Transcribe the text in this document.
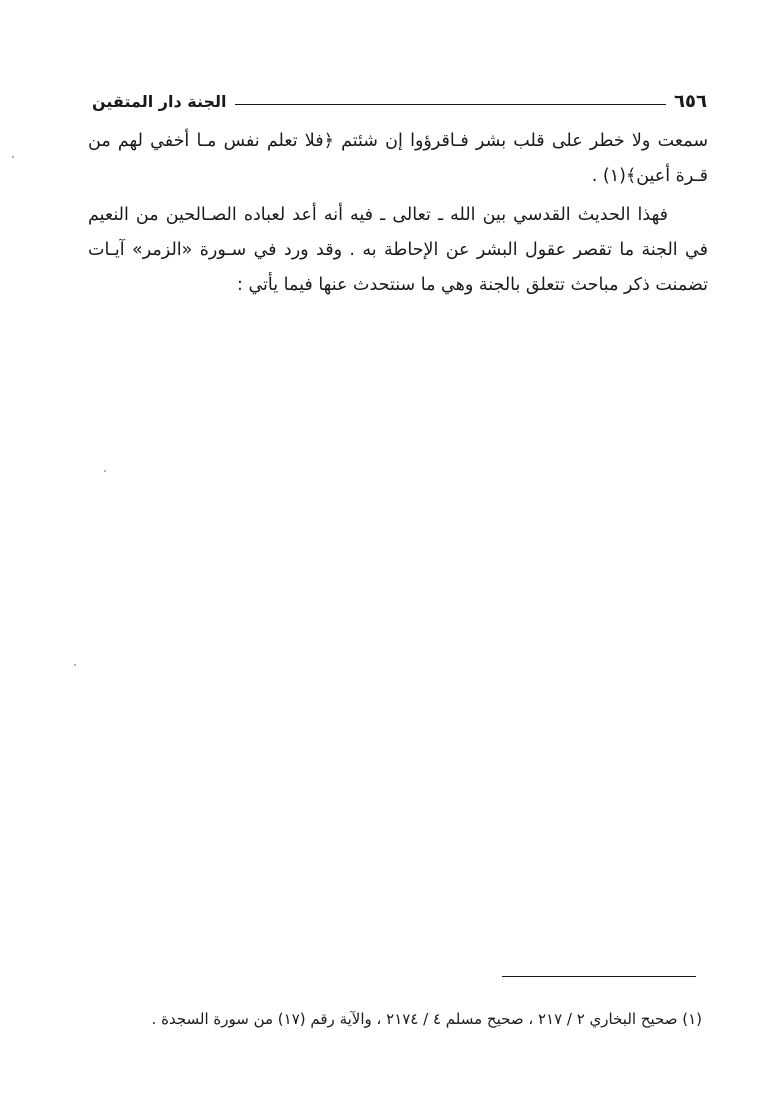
٦٥٦
الجنة دار المتقين

سمعت ولا خطر على قلب بشر فـاقرؤوا إن شئتم ﴿فلا تعلم نفس مـا أخفي لهم من قـرة أعين﴾(١) .

فهذا الحديث القدسي بين الله ـ تعالى ـ فيه أنه أعد لعباده الصـالحين من النعيم في الجنة ما تقصر عقول البشر عن الإحاطة به . وقد ورد في سـورة «الزمر» آيـات تضمنت ذكر مباحث تتعلق بالجنة وهي ما سنتحدث عنها فيما يأتي :

(١) صحيح البخاري ٢ / ٢١٧ ، صحيح مسلم ٤ / ٢١٧٤ ، والآية رقم (١٧) من سورة السجدة .
